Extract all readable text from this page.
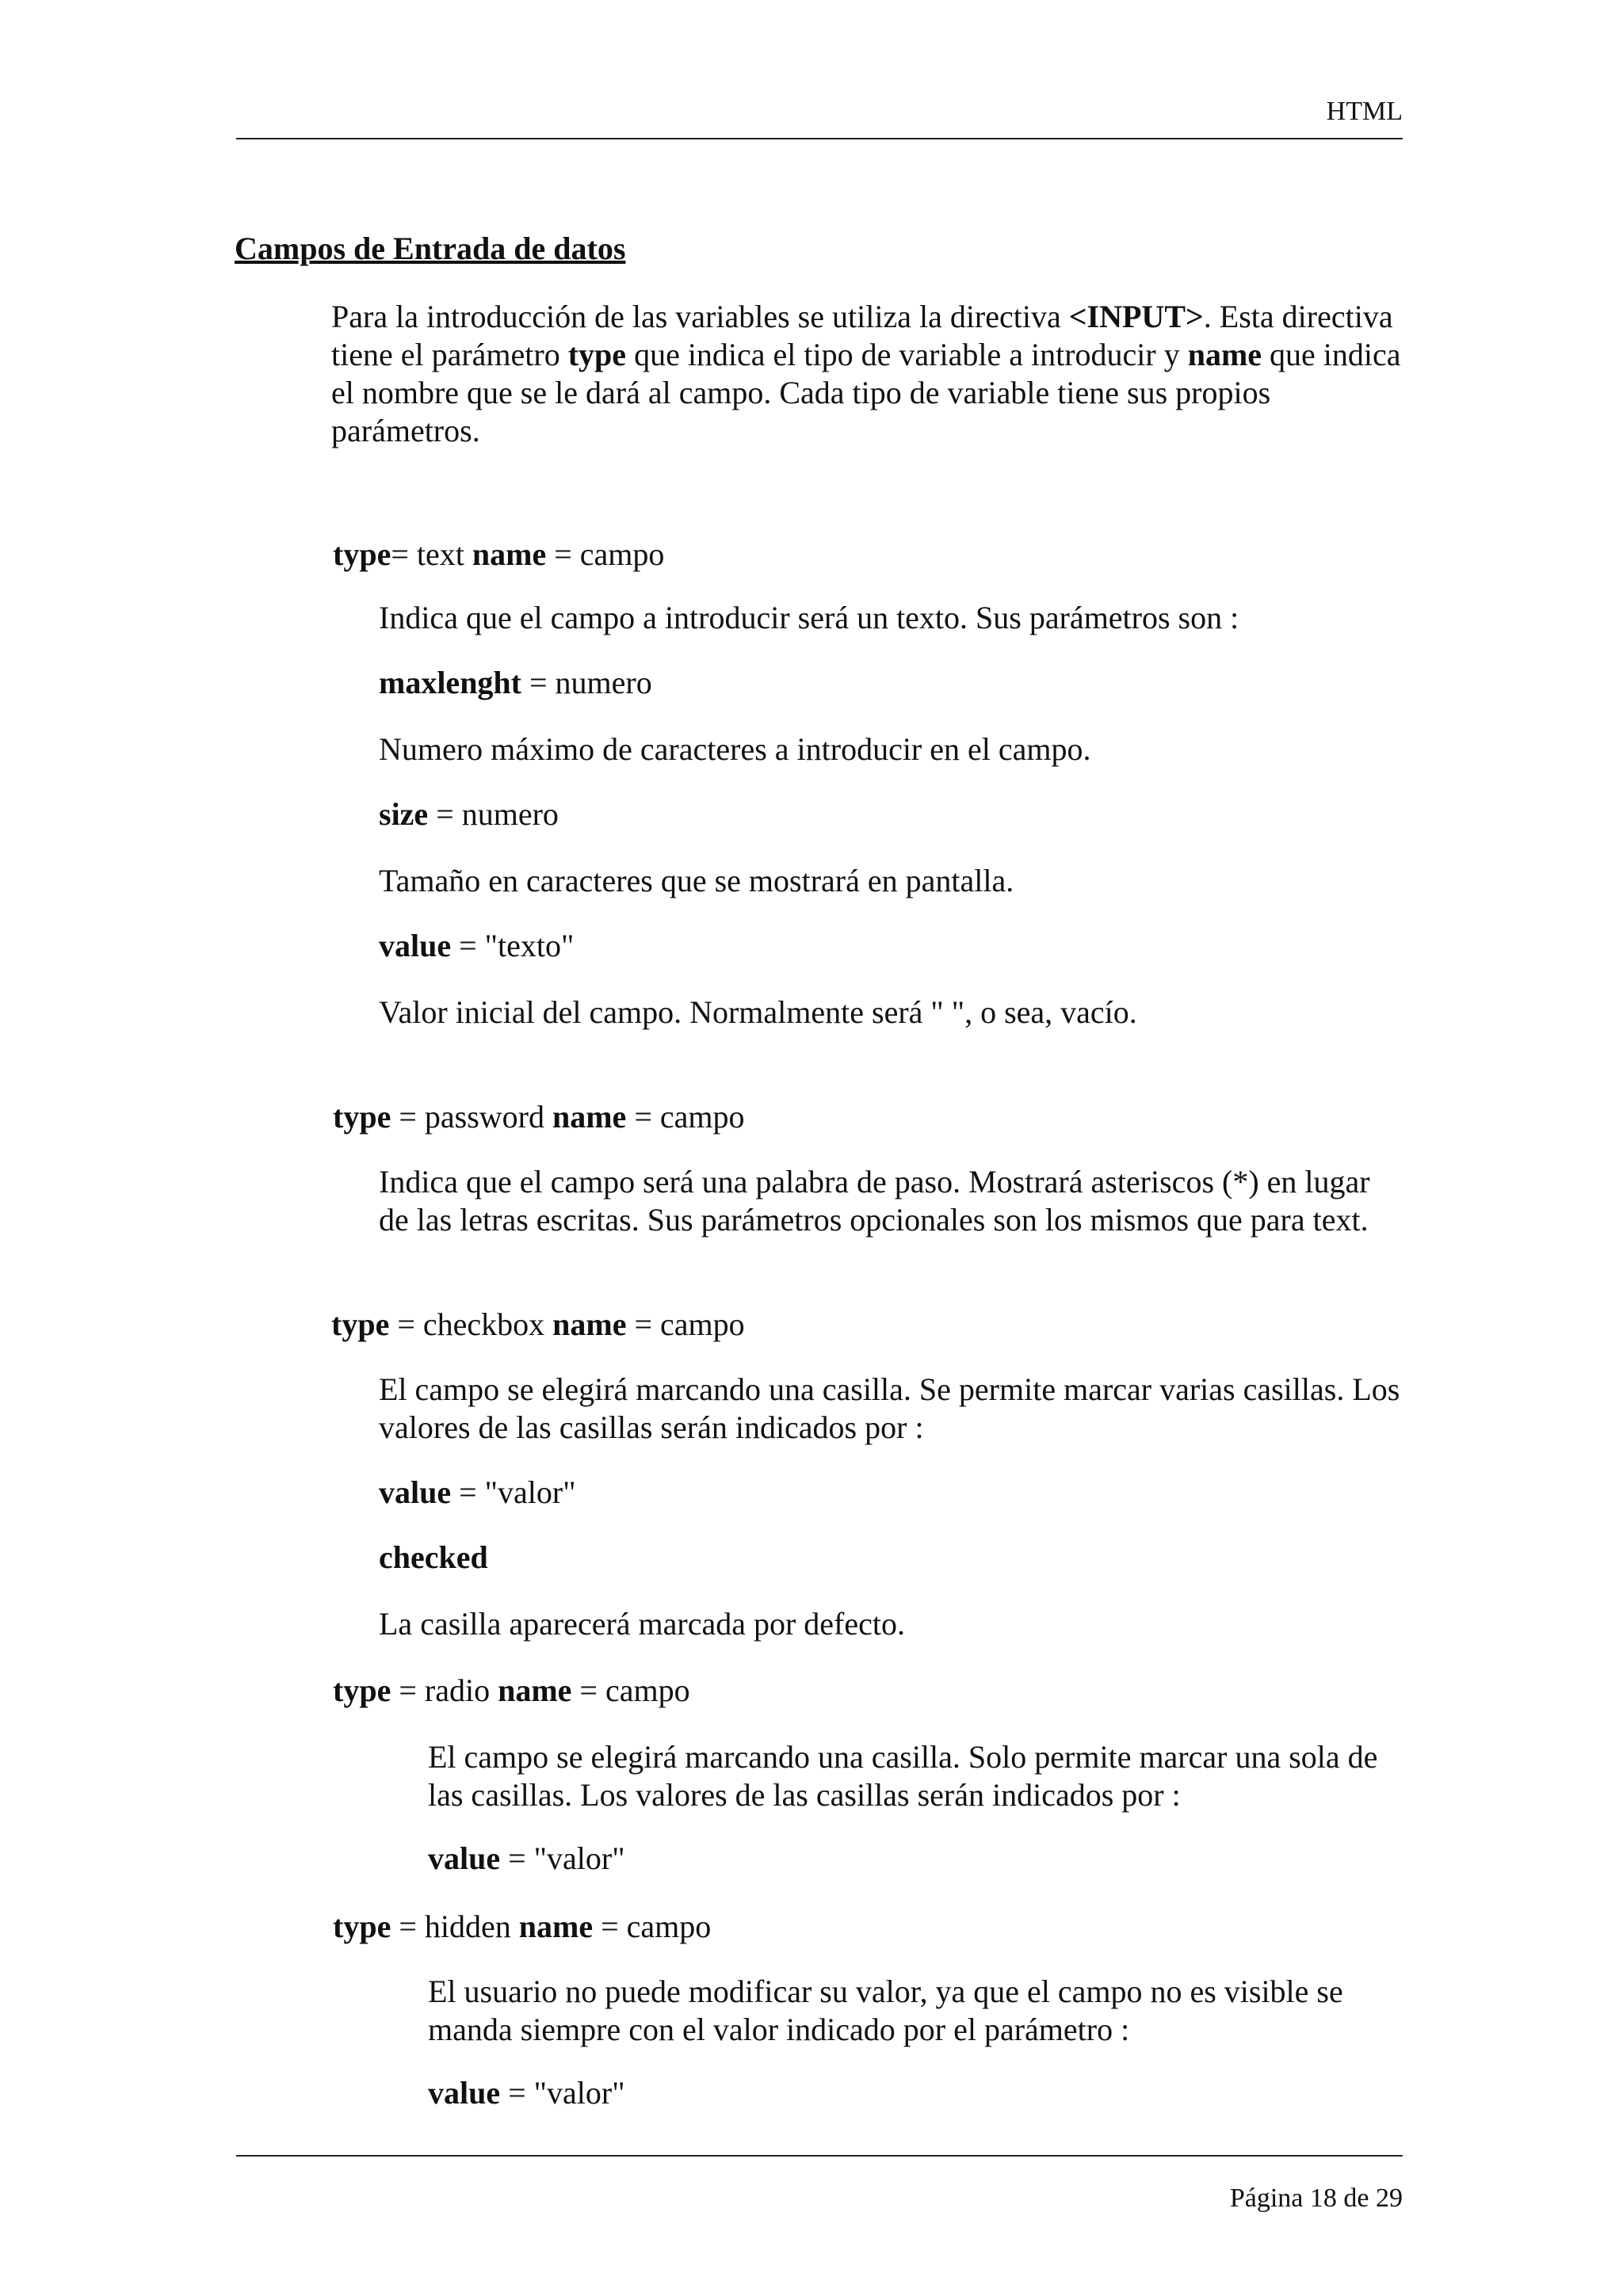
HTML
Campos de Entrada de datos
Para la introducción de las variables se utiliza la directiva <INPUT>. Esta directiva tiene el parámetro type que indica el tipo de variable a introducir y name que indica el nombre que se le dará al campo. Cada tipo de variable tiene sus propios parámetros.
type= text name = campo
Indica que el campo a introducir será un texto. Sus parámetros son :
maxlenght = numero
Numero máximo de caracteres a introducir en el campo.
size = numero
Tamaño en caracteres que se mostrará en pantalla.
value = "texto"
Valor inicial del campo. Normalmente será " ", o sea, vacío.
type = password name = campo
Indica que el campo será una palabra de paso. Mostrará asteriscos (*) en lugar de las letras escritas. Sus parámetros opcionales son los mismos que para text.
type = checkbox name = campo
El campo se elegirá marcando una casilla. Se permite marcar varias casillas. Los valores de las casillas serán indicados por :
value = "valor"
checked
La casilla aparecerá marcada por defecto.
type = radio name = campo
El campo se elegirá marcando una casilla. Solo permite marcar una sola de las casillas. Los valores de las casillas serán indicados por :
value = "valor"
type = hidden name = campo
El usuario no puede modificar su valor, ya que el campo no es visible se manda siempre con el valor indicado por el parámetro :
value = "valor"
Página 18 de 29
